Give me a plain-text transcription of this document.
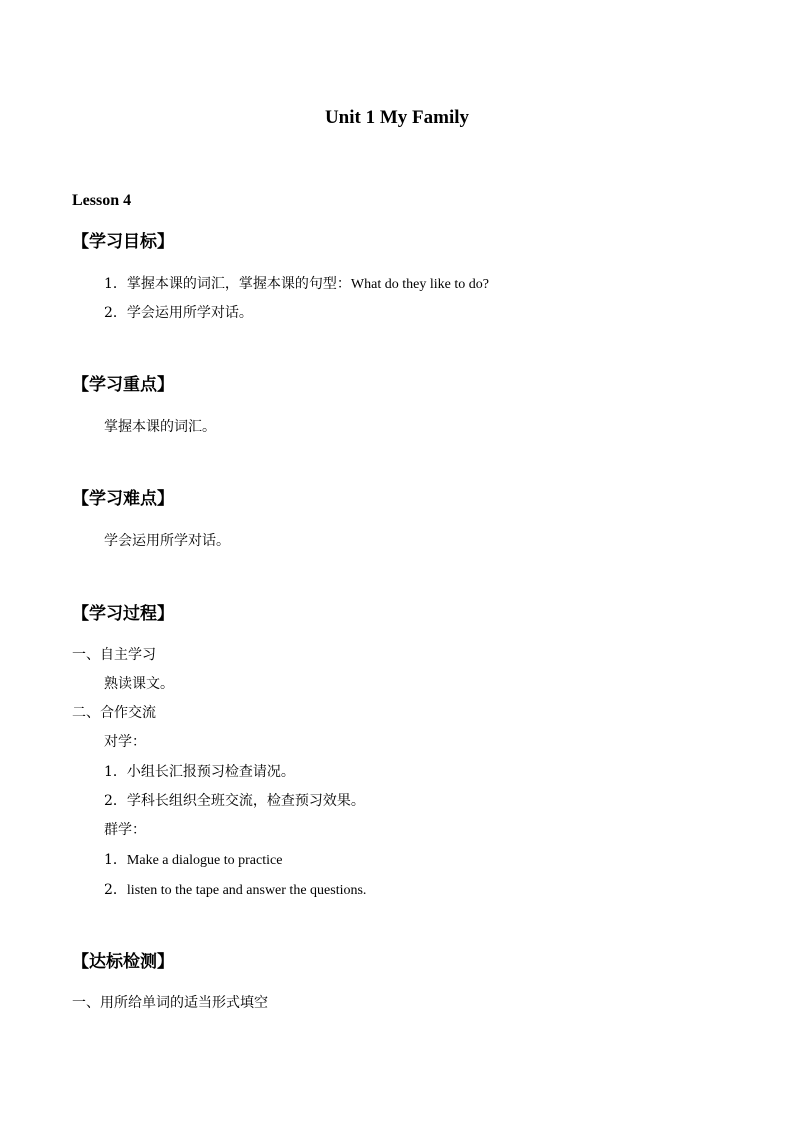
Unit 1 My Family
Lesson 4
【学习目标】
1．掌握本课的词汇，掌握本课的句型：What do they like to do?
2．学会运用所学对话。
【学习重点】
掌握本课的词汇。
【学习难点】
学会运用所学对话。
【学习过程】
一、自主学习
熟读课文。
二、合作交流
对学：
1．小组长汇报预习检查请况。
2．学科长组织全班交流，检查预习效果。
群学：
1．Make a dialogue to practice
2．listen to the tape and answer the questions.
【达标检测】
一、用所给单词的适当形式填空
